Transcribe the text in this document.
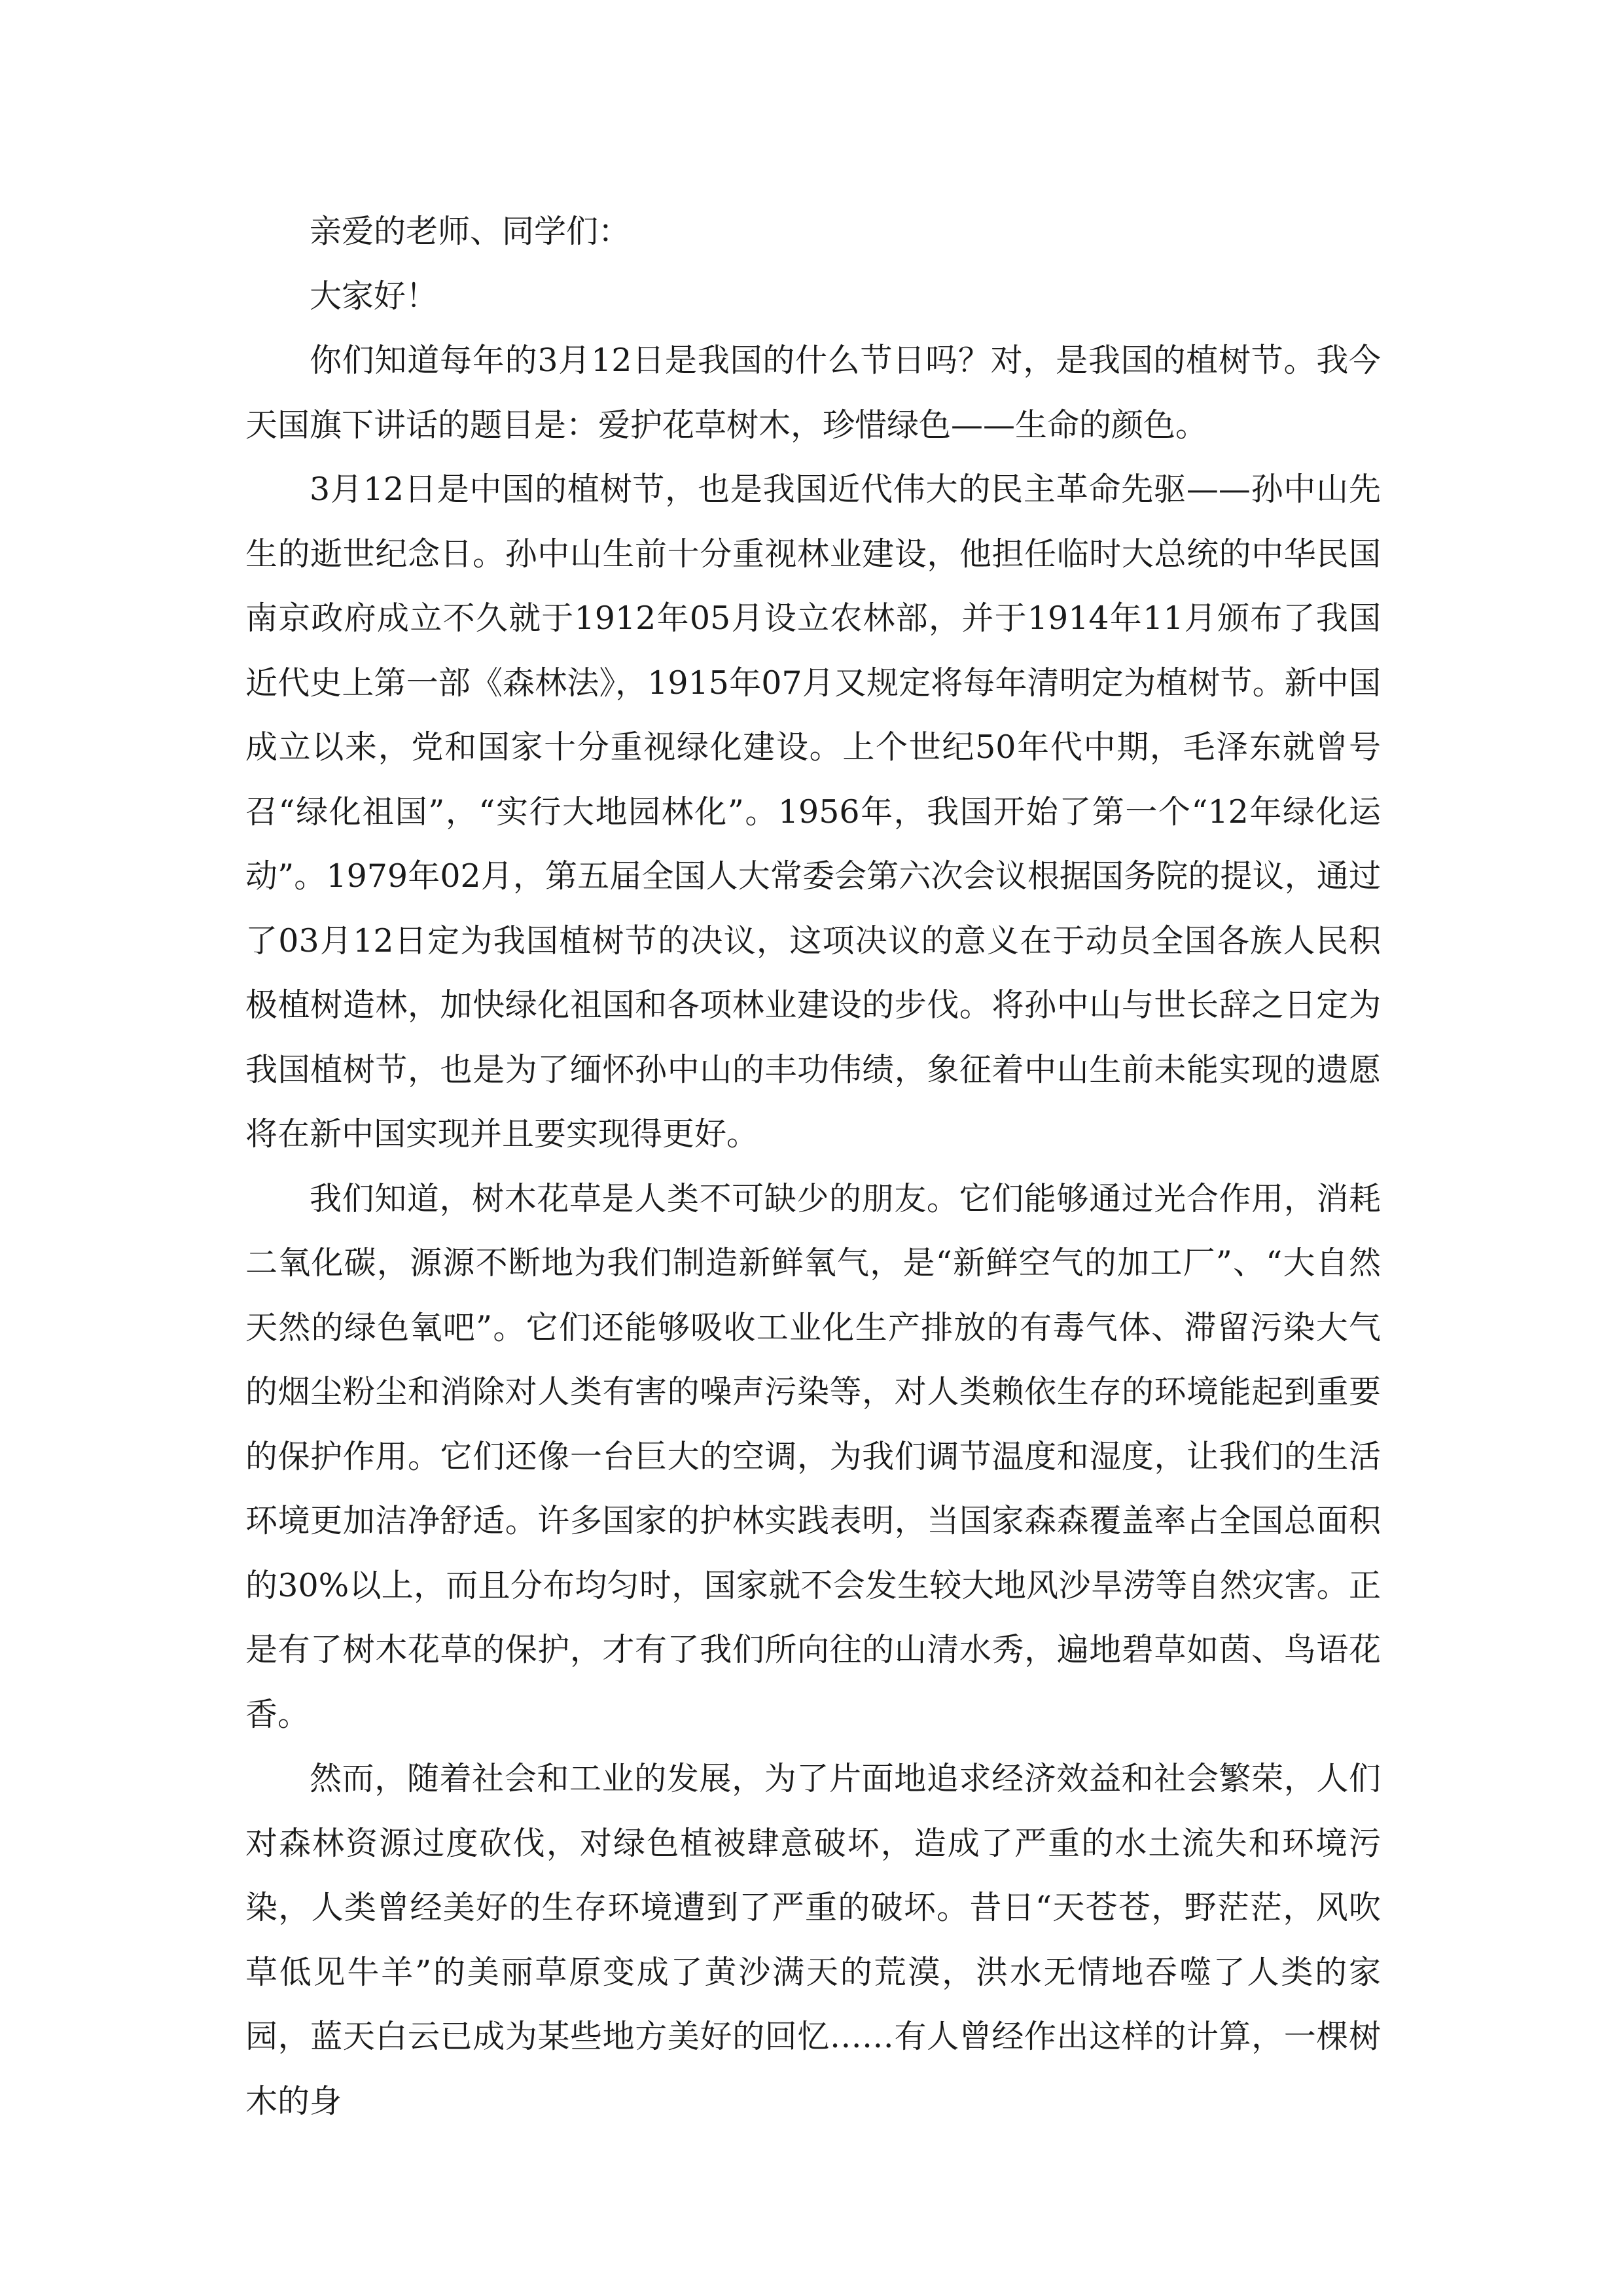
亲爱的老师、同学们：

大家好！

你们知道每年的3月12日是我国的什么节日吗？对，是我国的植树节。我今天国旗下讲话的题目是：爱护花草树木，珍惜绿色——生命的颜色。

3月12日是中国的植树节，也是我国近代伟大的民主革命先驱——孙中山先生的逝世纪念日。孙中山生前十分重视林业建设，他担任临时大总统的中华民国南京政府成立不久就于1912年05月设立农林部，并于1914年11月颁布了我国近代史上第一部《森林法》，1915年07月又规定将每年清明定为植树节。新中国成立以来，党和国家十分重视绿化建设。上个世纪50年代中期，毛泽东就曾号召“绿化祖国”，“实行大地园林化”。1956年，我国开始了第一个“12年绿化运动”。1979年02月，第五届全国人大常委会第六次会议根据国务院的提议，通过了03月12日定为我国植树节的决议，这项决议的意义在于动员全国各族人民积极植树造林，加快绿化祖国和各项林业建设的步伐。将孙中山与世长辞之日定为我国植树节，也是为了缅怀孙中山的丰功伟绩，象征着中山生前未能实现的遗愿将在新中国实现并且要实现得更好。

我们知道，树木花草是人类不可缺少的朋友。它们能够通过光合作用，消耗二氧化碳，源源不断地为我们制造新鲜氧气，是“新鲜空气的加工厂”、“大自然天然的绿色氧吧”。它们还能够吸收工业化生产排放的有毒气体、滞留污染大气的烟尘粉尘和消除对人类有害的噪声污染等，对人类赖依生存的环境能起到重要的保护作用。它们还像一台巨大的空调，为我们调节温度和湿度，让我们的生活环境更加洁净舒适。许多国家的护林实践表明，当国家森森覆盖率占全国总面积的30%以上，而且分布均匀时，国家就不会发生较大地风沙旱涝等自然灾害。正是有了树木花草的保护，才有了我们所向往的山清水秀，遍地碧草如茵、鸟语花香。

然而，随着社会和工业的发展，为了片面地追求经济效益和社会繁荣，人们对森林资源过度砍伐，对绿色植被肆意破坏，造成了严重的水土流失和环境污染，人类曾经美好的生存环境遭到了严重的破坏。昔日“天苍苍，野茫茫，风吹草低见牛羊”的美丽草原变成了黄沙满天的荒漠，洪水无情地吞噬了人类的家园，蓝天白云已成为某些地方美好的回忆……有人曾经作出这样的计算，一棵树木的身
